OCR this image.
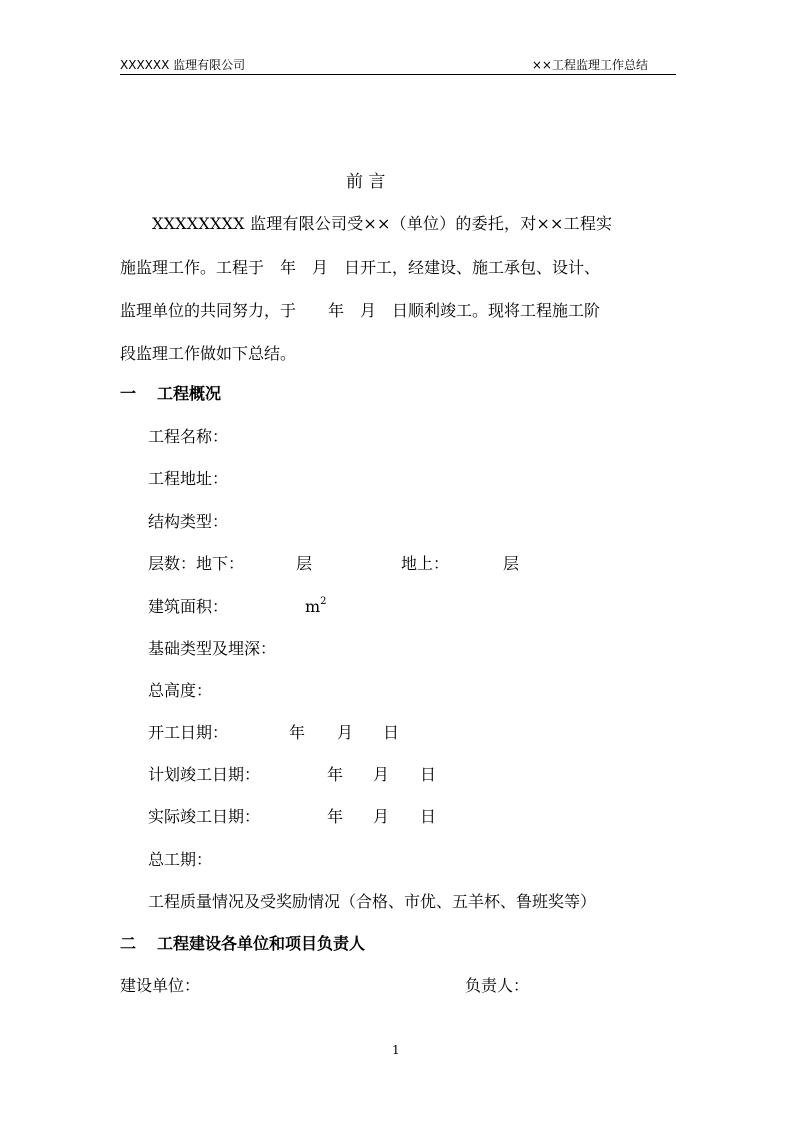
XXXXXX 监理有限公司	××工程监理工作总结
前 言
XXXXXXXX 监理有限公司受××（单位）的委托，对××工程实
施监理工作。工程于　年　月　日开工，经建设、施工承包、设计、
监理单位的共同努力，于　　年　月　日顺利竣工。现将工程施工阶
段监理工作做如下总结。
一 工程概况
工程名称：
工程地址：
结构类型：
层数：地下：	层	地上：	层
建筑面积：	$m^2$
基础类型及埋深：
总高度：
开工日期：	年 月 日
计划竣工日期：	年 月 日
实际竣工日期：	年 月 日
总工期：
工程质量情况及受奖励情况（合格、市优、五羊杯、鲁班奖等）
二 工程建设各单位和项目负责人
建设单位：	负责人：
1
